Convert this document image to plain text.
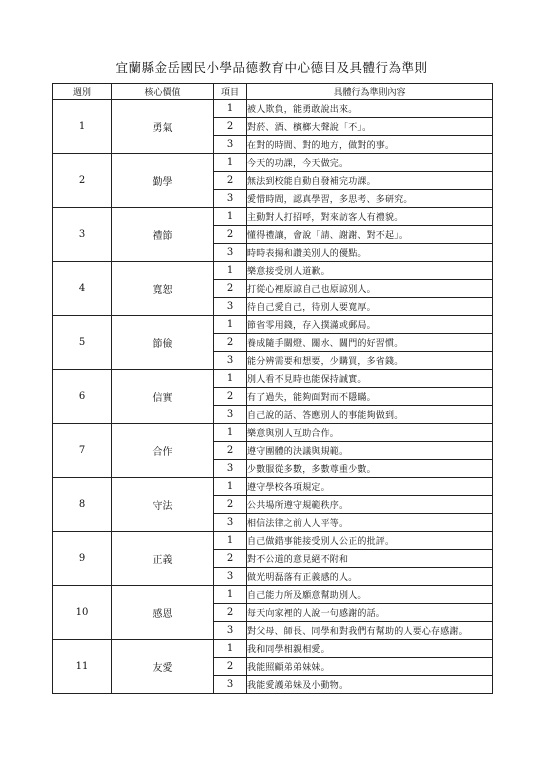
宜蘭縣金岳國民小學品德教育中心德目及具體行為準則
週別	核心價值	項目	具體行為準則內容
1	勇氣	1	被人欺負，能勇敢說出來。
		2	對菸、酒、檳榔大聲說「不」。
		3	在對的時間、對的地方，做對的事。
2	勤學	1	今天的功課，今天做完。
		2	無法到校能自動自發補完功課。
		3	愛惜時間，認真學習，多思考、多研究。
3	禮節	1	主動對人打招呼，對來訪客人有禮貌。
		2	懂得禮讓，會說「請、謝謝、對不起」。
		3	時時表揚和讚美別人的優點。
4	寬恕	1	樂意接受別人道歉。
		2	打從心裡原諒自己也原諒別人。
		3	待自己愛自己，待別人要寬厚。
5	節儉	1	節省零用錢，存入撲滿或郵局。
		2	養成隨手關燈、關水、關門的好習慣。
		3	能分辨需要和想要，少購買，多省錢。
6	信實	1	別人看不見時也能保持誠實。
		2	有了過失，能夠面對而不隱瞞。
		3	自己說的話、答應別人的事能夠做到。
7	合作	1	樂意與別人互助合作。
		2	遵守團體的決議與規範。
		3	少數服從多數，多數尊重少數。
8	守法	1	遵守學校各項規定。
		2	公共場所遵守規範秩序。
		3	相信法律之前人人平等。
9	正義	1	自己做錯事能接受別人公正的批評。
		2	對不公道的意見絕不附和
		3	做光明磊落有正義感的人。
10	感恩	1	自己能力所及願意幫助別人。
		2	每天向家裡的人說一句感謝的話。
		3	對父母、師長、同學和對我們有幫助的人要心存感謝。
11	友愛	1	我和同學相親相愛。
		2	我能照顧弟弟妹妹。
		3	我能愛護弟妹及小動物。
